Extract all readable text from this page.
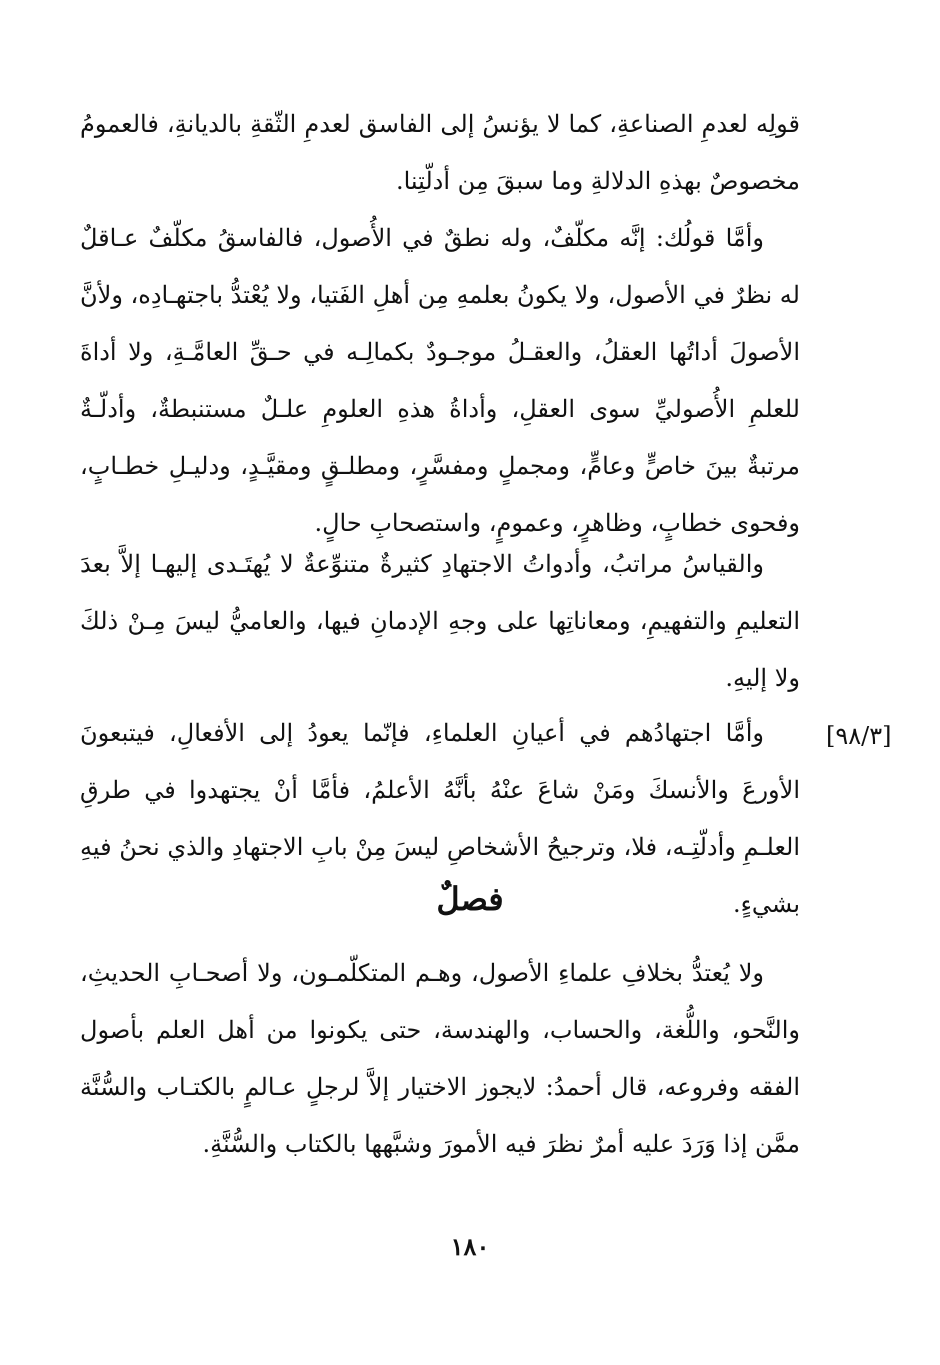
قولِه لعدمِ الصناعةِ، كما لا يؤنسُ إلى الفاسق لعدمِ الثّقةِ بالديانةِ، فالعمومُ مخصوصٌ بهذهِ الدلالةِ وما سبقَ مِن أدلّتِنا.

وأمَّا قولُك: إنَّه مكلّفٌ، وله نطقٌ في الأُصول، فالفاسقُ مكلّفٌ عـاقلٌ له نظرٌ في الأصول، ولا يكونُ بعلمهِ مِن أهلِ الفَتيا، ولا يُعْتدُّ باجتهـادِه، ولأنَّ الأصولَ أداتُها العقلُ، والعقـلُ موجـودٌ بكمالِـه في حـقِّ العامَّـةِ، ولا أداةَ للعلمِ الأُصوليِّ سوى العقلِ، وأداةُ هذهِ العلومِ علـلٌ مستنبطةٌ، وأدلّـةٌ مرتبةٌ بينَ خاصٍّ وعامٍّ، ومجملٍ ومفسَّرٍ، ومطلـقٍ ومقيَّـدٍ، ودليـلِ خطـابٍ، وفحوى خطابٍ، وظاهرٍ، وعمومٍ، واستصحابِ حالٍ.

والقياسُ مراتبُ، وأدواتُ الاجتهادِ كثيرةٌ متنوِّعةٌ لا يُهتَـدى إليهـا إلاَّ بعدَ التعليمِ والتفهيمِ، ومعاناتِها على وجهِ الإدمانِ فيها، والعاميُّ ليسَ مِـنْ ذلكَ ولا إليهِ.

[٩٨/٣]

وأمَّا اجتهادُهم في أعيانِ العلماءِ، فإنّما يعودُ إلى الأفعالِ، فيتبعونَ الأورعَ والأنسكَ ومَنْ شاعَ عنْهُ بأنَّهُ الأعلمُ، فأمَّا أنْ يجتهدوا في طرقِ العلـمِ وأدلّتِـه، فلا، وترجيحُ الأشخاصِ ليسَ مِنْ بابِ الاجتهادِ والذي نحنُ فيهِ بشيءٍ.

فصلٌ

ولا يُعتدُّ بخلافِ علماءِ الأصول، وهـم المتكلّمـون، ولا أصحـابِ الحديثِ، والنَّحو، واللُّغة، والحساب، والهندسة، حتى يكونوا من أهل العلم بأصول الفقه وفروعه، قال أحمدُ: لايجوز الاختيار إلاَّ لرجلٍ عـالمٍ بالكتـاب والسُّنَّة ممَّن إذا وَرَدَ عليه أمرٌ نظرَ فيه الأمورَ وشبَّهها بالكتاب والسُّنَّةِ.

١٨٠
